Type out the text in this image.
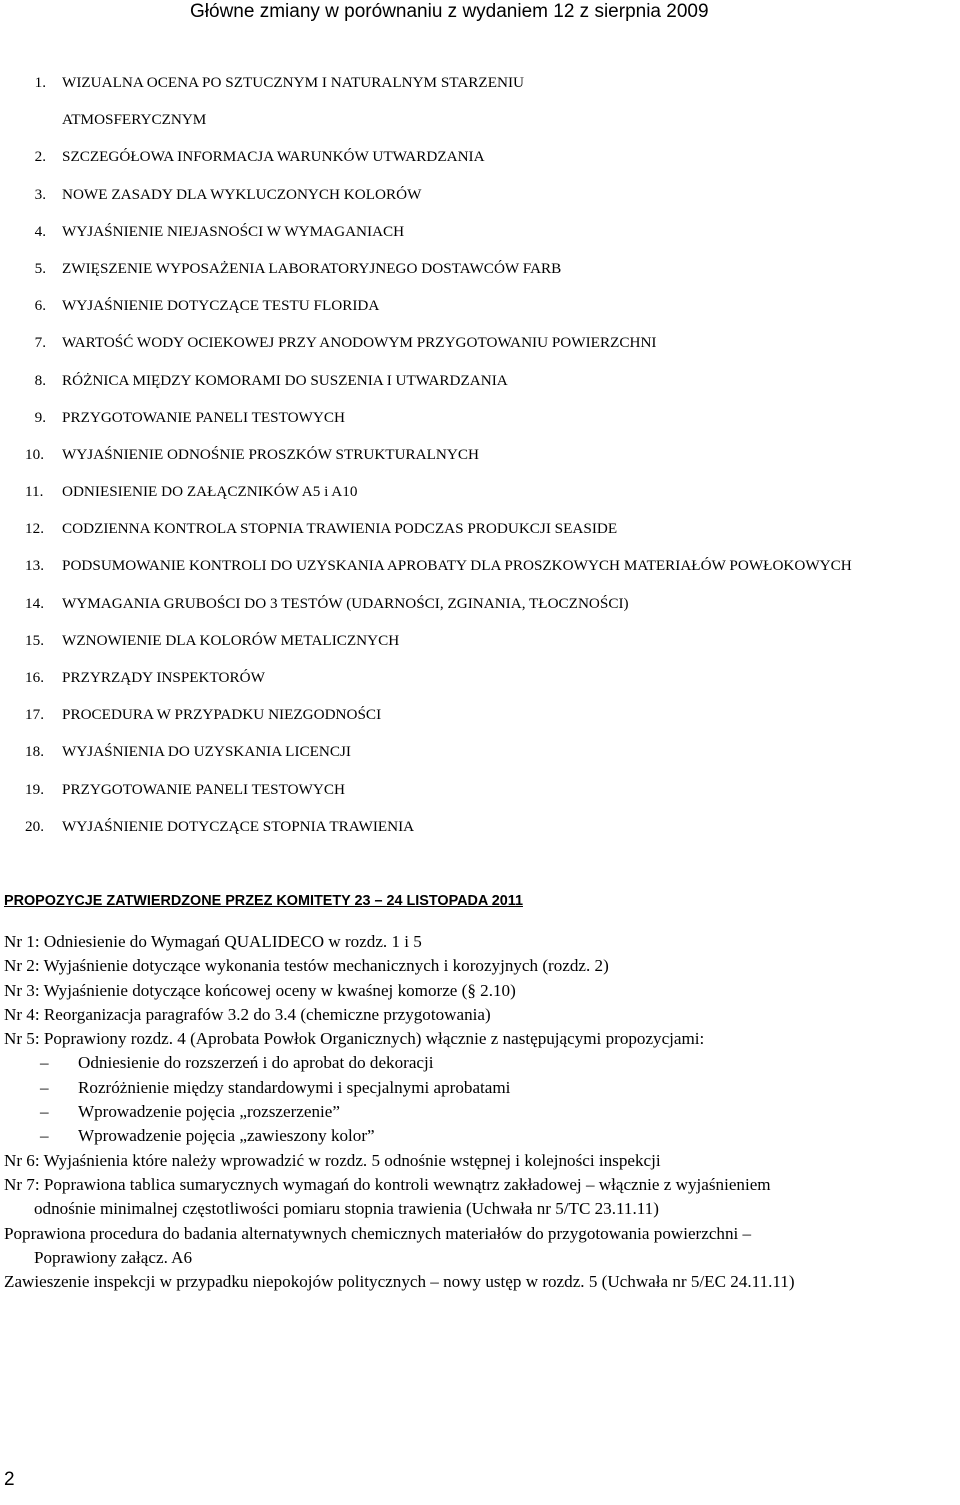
Główne zmiany w porównaniu z wydaniem 12 z sierpnia 2009
1. WIZUALNA OCENA PO SZTUCZNYM I NATURALNYM STARZENIU ATMOSFERYCZNYM
2. SZCZEGÓŁOWA INFORMACJA WARUNKÓW UTWARDZANIA
3. NOWE ZASADY DLA WYKLUCZONYCH KOLORÓW
4. WYJAŚNIENIE NIEJASNOŚCI W WYMAGANIACH
5. ZWIĘSZENIE WYPOSAŻENIA LABORATORYJNEGO DOSTAWCÓW FARB
6. WYJAŚNIENIE DOTYCZĄCE TESTU FLORIDA
7. WARTOŚĆ WODY OCIEKOWEJ PRZY ANODOWYM PRZYGOTOWANIU POWIERZCHNI
8. RÓŻNICA MIĘDZY KOMORAMI DO SUSZENIA I UTWARDZANIA
9. PRZYGOTOWANIE PANELI TESTOWYCH
10. WYJAŚNIENIE ODNOŚNIE PROSZKÓW STRUKTURALNYCH
11. ODNIESIENIE DO ZAŁĄCZNIKÓW A5 i A10
12. CODZIENNA KONTROLA STOPNIA TRAWIENIA PODCZAS PRODUKCJI SEASIDE
13. PODSUMOWANIE KONTROLI DO UZYSKANIA APROBATY DLA PROSZKOWYCH MATERIAŁÓW POWŁOKOWYCH
14. WYMAGANIA GRUBOŚCI DO 3 TESTÓW (UDARNOŚCI, ZGINANIA, TŁOCZNOŚCI)
15. WZNOWIENIE DLA KOLORÓW METALICZNYCH
16. PRZYRZĄDY INSPEKTORÓW
17. PROCEDURA W PRZYPADKU NIEZGODNOŚCI
18. WYJAŚNIENIA DO UZYSKANIA LICENCJI
19. PRZYGOTOWANIE PANELI TESTOWYCH
20. WYJAŚNIENIE DOTYCZĄCE STOPNIA TRAWIENIA
PROPOZYCJE ZATWIERDZONE PRZEZ KOMITETY 23 – 24 LISTOPADA 2011
Nr 1: Odniesienie do Wymagań QUALIDECO w rozdz. 1 i 5
Nr 2: Wyjaśnienie dotyczące wykonania testów mechanicznych i korozyjnych (rozdz. 2)
Nr 3: Wyjaśnienie dotyczące końcowej oceny w kwaśnej komorze (§ 2.10)
Nr 4: Reorganizacja paragrafów 3.2 do 3.4 (chemiczne przygotowania)
Nr 5: Poprawiony rozdz. 4 (Aprobata Powłok Organicznych) włącznie z następującymi propozycjami:
– Odniesienie do rozszerzeń i do aprobat do dekoracji
– Rozróżnienie między standardowymi i specjalnymi aprobatami
– Wprowadzenie pojęcia „rozszerzenie”
– Wprowadzenie pojęcia „zawieszony kolor”
Nr 6: Wyjaśnienia które należy wprowadzić w rozdz. 5 odnośnie wstępnej i kolejności inspekcji
Nr 7: Poprawiona tablica sumarycznych wymagań do kontroli wewnątrz zakładowej – włącznie z wyjaśnieniem
odnośnie minimalnej częstotliwości pomiaru stopnia trawienia (Uchwała nr 5/TC 23.11.11)
Poprawiona procedura do badania alternatywnych chemicznych materiałów do przygotowania powierzchni –
Poprawiony załącz. A6
Zawieszenie inspekcji w przypadku niepokojów politycznych – nowy ustęp w rozdz. 5 (Uchwała nr 5/EC 24.11.11)
2
